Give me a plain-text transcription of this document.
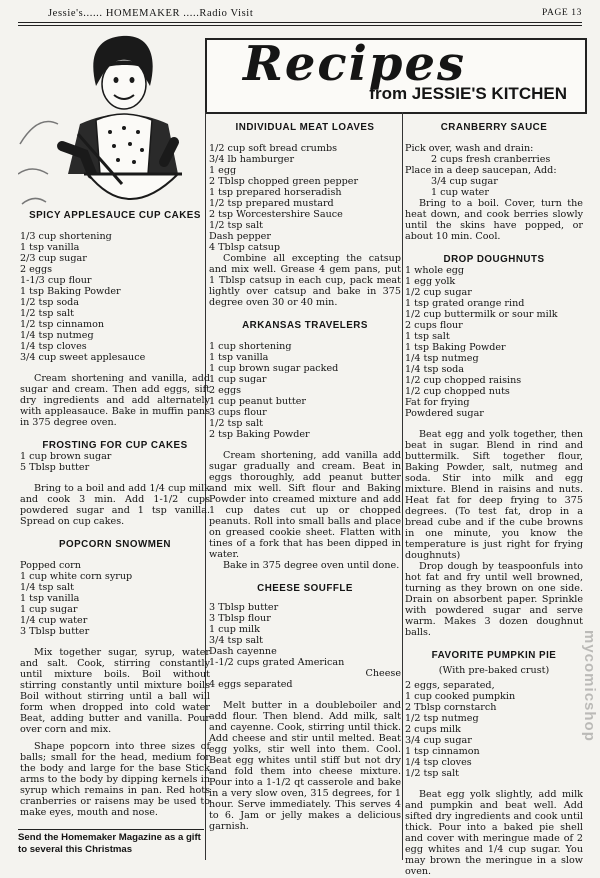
Jessie's...... HOMEMAKER .....Radio Visit	PAGE 13
Recipes
from JESSIE'S KITCHEN
SPICY APPLESAUCE CUP CAKES
1/3 cup shortening
1 tsp vanilla
2/3 cup sugar
2 eggs
1-1/3 cup flour
1 tsp Baking Powder
1/2 tsp soda
1/2 tsp salt
1/2 tsp cinnamon
1/4 tsp nutmeg
1/4 tsp cloves
3/4 cup sweet applesauce

Cream shortening and vanilla, add sugar and cream. Then add eggs, sift dry ingredients and add alternately with appleasauce. Bake in muffin pans in 375 degree oven.

FROSTING FOR CUP CAKES
1 cup brown sugar
5 Tblsp butter

Bring to a boil and add 1/4 cup milk and cook 3 min. Add 1-1/2 cups powdered sugar and 1 tsp vanilla. Spread on cup cakes.

POPCORN SNOWMEN
Popped corn
1 cup white corn syrup
1/4 tsp salt
1 tsp vanilla
1 cup sugar
1/4 cup water
3 Tblsp butter

Mix together sugar, syrup, water and salt. Cook, stirring constantly until mixture boils. Boil without stirring constantly until mixture boils Boil without stirring until a ball will form when dropped into cold water Beat, adding butter and vanilla. Pour over corn and mix.

Shape popcorn into three sizes of balls; small for the head, medium for the body and large for the base Stick arms to the body by dipping kernels in syrup which remains in pan. Red hots cranberries or raisens may be used to make eyes, mouth and nose.

Send the Homemaker Magazine as a gift to several this Christmas
INDIVIDUAL MEAT LOAVES
1/2 cup soft bread crumbs
3/4 lb hamburger
1 egg
2 Tblsp chopped green pepper
1 tsp prepared horseradish
1/2 tsp prepared mustard
2 tsp Worcestershire Sauce
1/2 tsp salt
Dash pepper
4 Tblsp catsup

Combine all excepting the catsup and mix well. Grease 4 gem pans, put 1 Tblsp catsup in each cup, pack meat lightly over catsup and bake in 375 degree oven 30 or 40 min.

ARKANSAS TRAVELERS
1 cup shortening
1 tsp vanilla
1 cup brown sugar packed
1 cup sugar
2 eggs
1 cup peanut butter
3 cups flour
1/2 tsp salt
2 tsp Baking Powder

Cream shortening, add vanilla add sugar gradually and cream. Beat in eggs thoroughly, add peanut butter and mix well. Sift flour and Baking Powder into creamed mixture and add 1 cup dates cut up or chopped peanuts. Roll into small balls and place on greased cookie sheet. Flatten with tines of a fork that has been dipped in water.

Bake in 375 degree oven until done.

CHEESE SOUFFLE
3 Tblsp butter
3 Tblsp flour
1 cup milk
3/4 tsp salt
Dash cayenne
1-1/2 cups grated American
Cheese
4 eggs separated

Melt butter in a doubleboiler and add flour. Then blend. Add milk, salt and cayenne. Cook, stirring until thick. Add cheese and stir until melted. Beat egg yolks, stir well into them. Cool. Beat egg whites until stiff but not dry and fold them into cheese mixture. Pour into a 1-1/2 qt casserole and bake in a very slow oven, 315 degrees, for 1 hour. Serve immediately. This serves 4 to 6. Jam or jelly makes a delicious garnish.

CRANBERRY SAUCE
Pick over, wash and drain:
2 cups fresh cranberries
Place in a deep saucepan, Add:
3/4 cup sugar
1 cup water

Bring to a boil. Cover, turn the heat down, and cook berries slowly until the skins have popped, or about 10 min. Cool.

DROP DOUGHNUTS
1 whole egg
1 egg yolk
1/2 cup sugar
1 tsp grated orange rind
1/2 cup buttermilk or sour milk
2 cups flour
1 tsp salt
1 tsp Baking Powder
1/4 tsp nutmeg
1/4 tsp soda
1/2 cup chopped raisins
1/2 cup chopped nuts
Fat for frying
Powdered sugar

Beat egg and yolk together, then beat in sugar. Blend in rind and buttermilk. Sift together flour, Baking Powder, salt, nutmeg and soda. Stir into milk and egg mixture. Blend in raisins and nuts. Heat fat for deep frying to 375 degrees. (To test fat, drop in a bread cube and if the cube browns in one minute, you know the temperature is just right for frying doughnuts)

Drop dough by teaspoonfuls into hot fat and fry until well browned, turning as they brown on one side. Drain on absorbent paper. Sprinkle with powdered sugar and serve warm. Makes 3 dozen doughnut balls.

FAVORITE PUMPKIN PIE

(With pre-baked crust)

2 eggs, separated,
1 cup cooked pumpkin
2 Tblsp cornstarch
1/2 tsp nutmeg
2 cups milk
3/4 cup sugar
1 tsp cinnamon
1/4 tsp cloves
1/2 tsp salt

Beat egg yolk slightly, add milk and pumpkin and beat well. Add sifted dry ingredients and cook until thick. Pour into a baked pie shell and cover with meringue made of 2 egg whites and 1/4 cup sugar. You may brown the meringue in a slow oven.

mycomicshop
